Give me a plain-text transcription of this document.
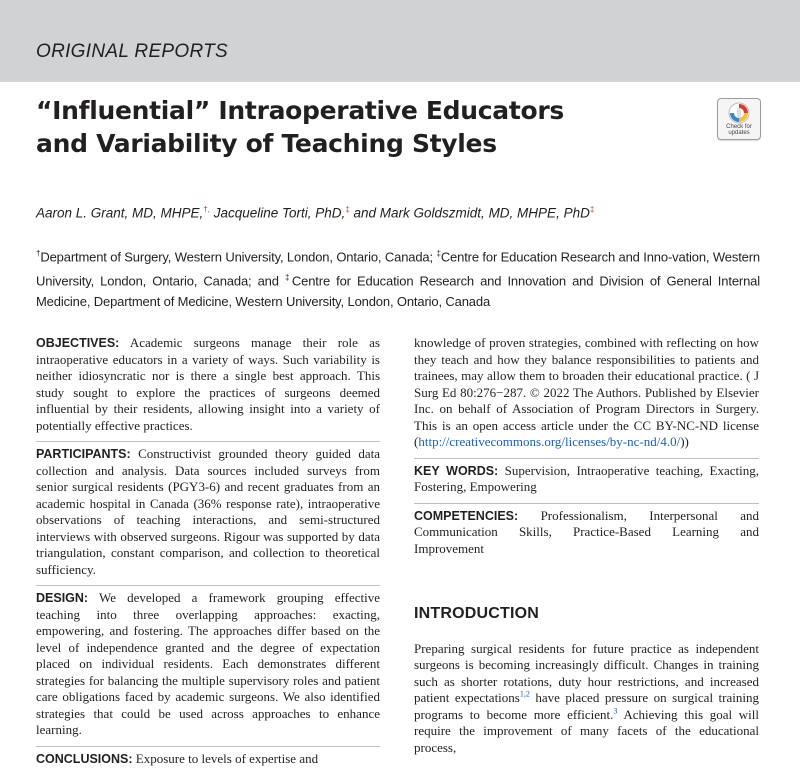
ORIGINAL REPORTS
“Influential” Intraoperative Educators
and Variability of Teaching Styles
Check for
updates
Aaron L. Grant, MD, MHPE,†, Jacqueline Torti, PhD,‡ and Mark Goldszmidt, MD, MHPE, PhD‡
†Department of Surgery, Western University, London, Ontario, Canada; ‡Centre for Education Research and Inno-vation, Western University, London, Ontario, Canada; and ‡Centre for Education Research and Innovation and Division of General Internal Medicine, Department of Medicine, Western University, London, Ontario, Canada

OBJECTIVES: Academic surgeons manage their role as intraoperative educators in a variety of ways. Such variability is neither idiosyncratic nor is there a single best approach. This study sought to explore the practices of surgeons deemed influential by their residents, allowing insight into a variety of potentially effective practices.

PARTICIPANTS: Constructivist grounded theory guided data collection and analysis. Data sources included surveys from senior surgical residents (PGY3-6) and recent graduates from an academic hospital in Canada (36% response rate), intraoperative observations of teaching interactions, and semi-structured interviews with observed surgeons. Rigour was supported by data triangulation, constant comparison, and collection to theoretical sufficiency.

DESIGN: We developed a framework grouping effective teaching into three overlapping approaches: exacting, empowering, and fostering. The approaches differ based on the level of independence granted and the degree of expectation placed on individual residents. Each demonstrates different strategies for balancing the multiple supervisory roles and patient care obligations faced by academic surgeons. We also identified strategies that could be used across approaches to enhance learning.

CONCLUSIONS: Exposure to levels of expertise and

knowledge of proven strategies, combined with reflecting on how they teach and how they balance responsibilities to patients and trainees, may allow them to broaden their educational practice. ( J Surg Ed 80:276−287. © 2022 The Authors. Published by Elsevier Inc. on behalf of Association of Program Directors in Surgery. This is an open access article under the CC BY-NC-ND license (http://creativecommons.org/licenses/by-nc-nd/4.0/))

KEY WORDS: Supervision, Intraoperative teaching, Exacting, Fostering, Empowering

COMPETENCIES: Professionalism, Interpersonal and Communication Skills, Practice-Based Learning and Improvement

INTRODUCTION

Preparing surgical residents for future practice as independent surgeons is becoming increasingly difficult. Changes in training such as shorter rotations, duty hour restrictions, and increased patient expectations$^{1,2}$ have placed pressure on surgical training programs to become more efficient.$^3$ Achieving this goal will require the improvement of many facets of the educational process,
